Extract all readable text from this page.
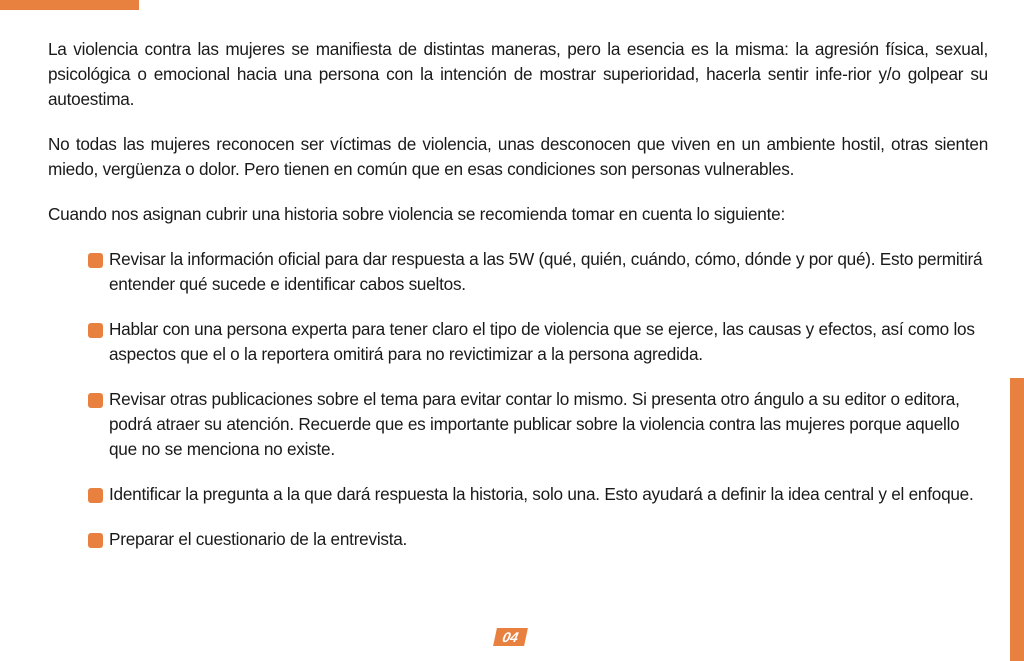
La violencia contra las mujeres se manifiesta de distintas maneras, pero la esencia es la misma: la agresión física, sexual, psicológica o emocional hacia una persona con la intención de mostrar superioridad, hacerla sentir infe-rior y/o golpear su autoestima.

No todas las mujeres reconocen ser víctimas de violencia, unas desconocen que viven en un ambiente hostil, otras sienten miedo, vergüenza o dolor. Pero tienen en común que en esas condiciones son personas vulnerables.

Cuando nos asignan cubrir una historia sobre violencia se recomienda tomar en cuenta lo siguiente:

Revisar la información oficial para dar respuesta a las 5W (qué, quién, cuándo, cómo, dónde y por qué). Esto permitirá entender qué sucede e identificar cabos sueltos.
Hablar con una persona experta para tener claro el tipo de violencia que se ejerce, las causas y efectos, así como los aspectos que el o la reportera omitirá para no revictimizar a la persona agredida.
Revisar otras publicaciones sobre el tema para evitar contar lo mismo. Si presenta otro ángulo a su editor o editora, podrá atraer su atención. Recuerde que es importante publicar sobre la violencia contra las mujeres porque aquello que no se menciona no existe.
Identificar la pregunta a la que dará respuesta la historia, solo una. Esto ayudará a definir la idea central y el enfoque.
Preparar el cuestionario de la entrevista.
04
